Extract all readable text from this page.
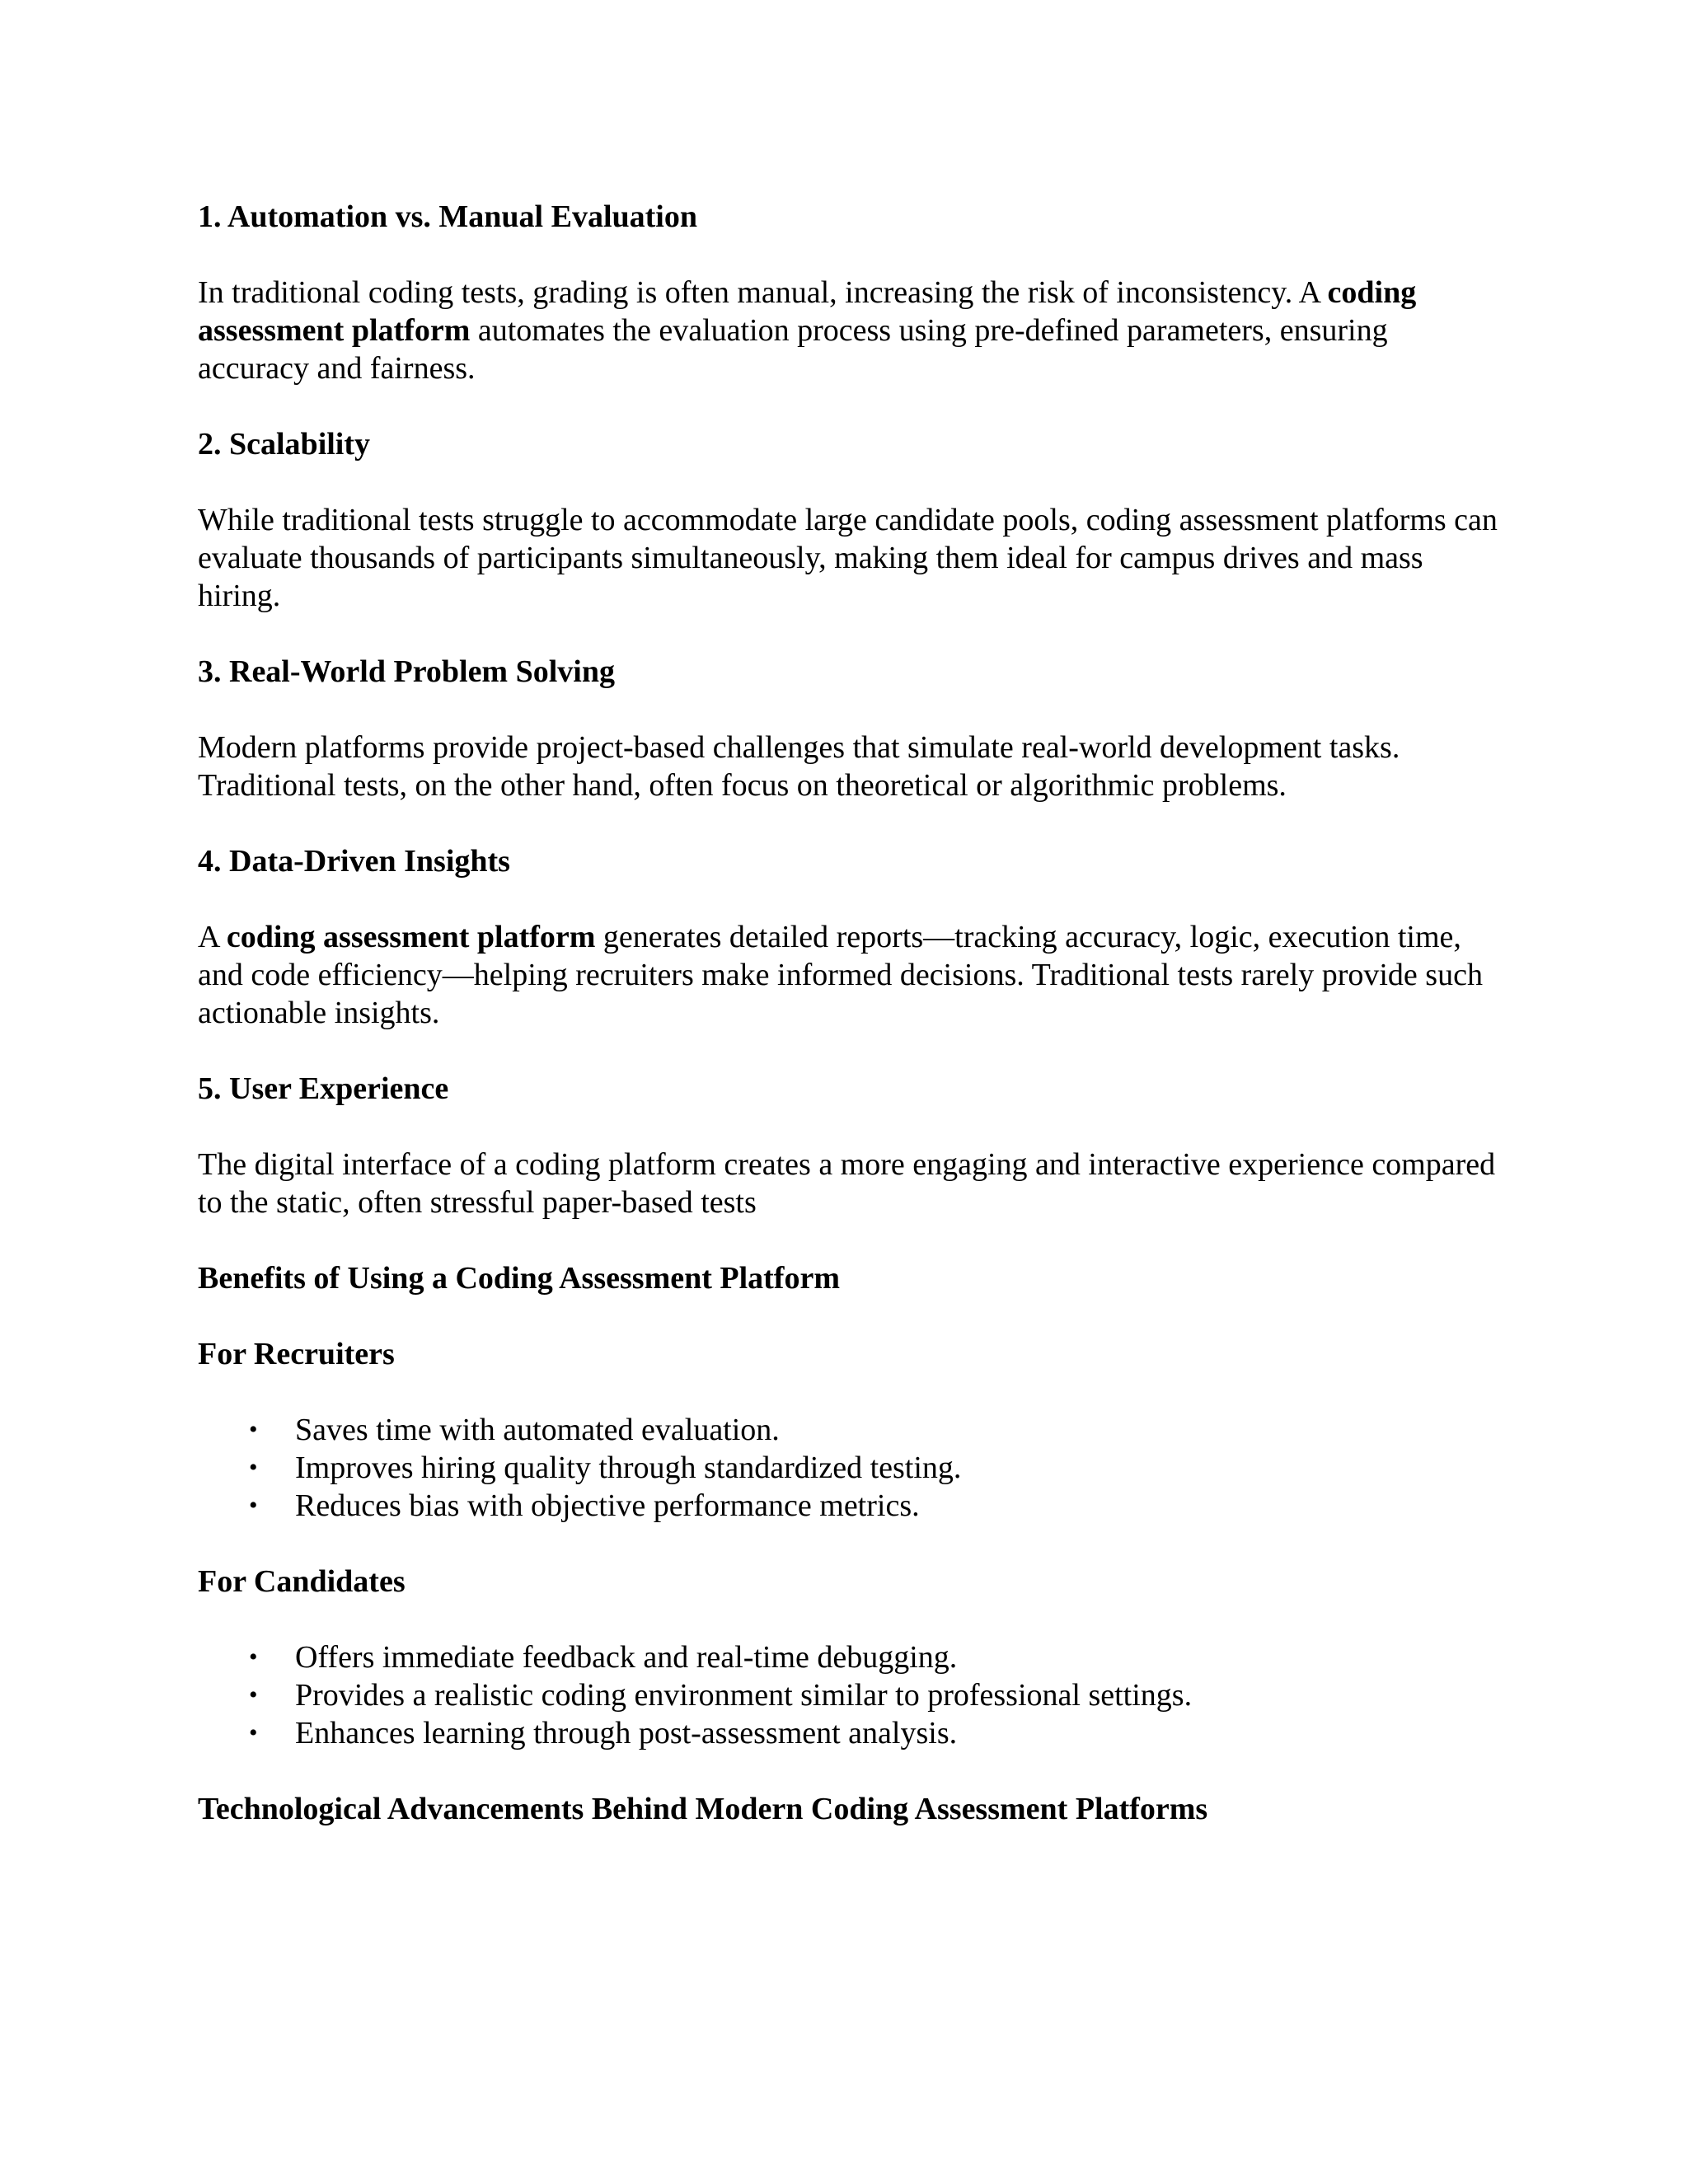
1. Automation vs. Manual Evaluation
In traditional coding tests, grading is often manual, increasing the risk of inconsistency. A coding assessment platform automates the evaluation process using pre-defined parameters, ensuring accuracy and fairness.
2. Scalability
While traditional tests struggle to accommodate large candidate pools, coding assessment platforms can evaluate thousands of participants simultaneously, making them ideal for campus drives and mass hiring.
3. Real-World Problem Solving
Modern platforms provide project-based challenges that simulate real-world development tasks. Traditional tests, on the other hand, often focus on theoretical or algorithmic problems.
4. Data-Driven Insights
A coding assessment platform generates detailed reports—tracking accuracy, logic, execution time, and code efficiency—helping recruiters make informed decisions. Traditional tests rarely provide such actionable insights.
5. User Experience
The digital interface of a coding platform creates a more engaging and interactive experience compared to the static, often stressful paper-based tests
Benefits of Using a Coding Assessment Platform
For Recruiters
• Saves time with automated evaluation.
• Improves hiring quality through standardized testing.
• Reduces bias with objective performance metrics.
For Candidates
• Offers immediate feedback and real-time debugging.
• Provides a realistic coding environment similar to professional settings.
• Enhances learning through post-assessment analysis.
Technological Advancements Behind Modern Coding Assessment Platforms
